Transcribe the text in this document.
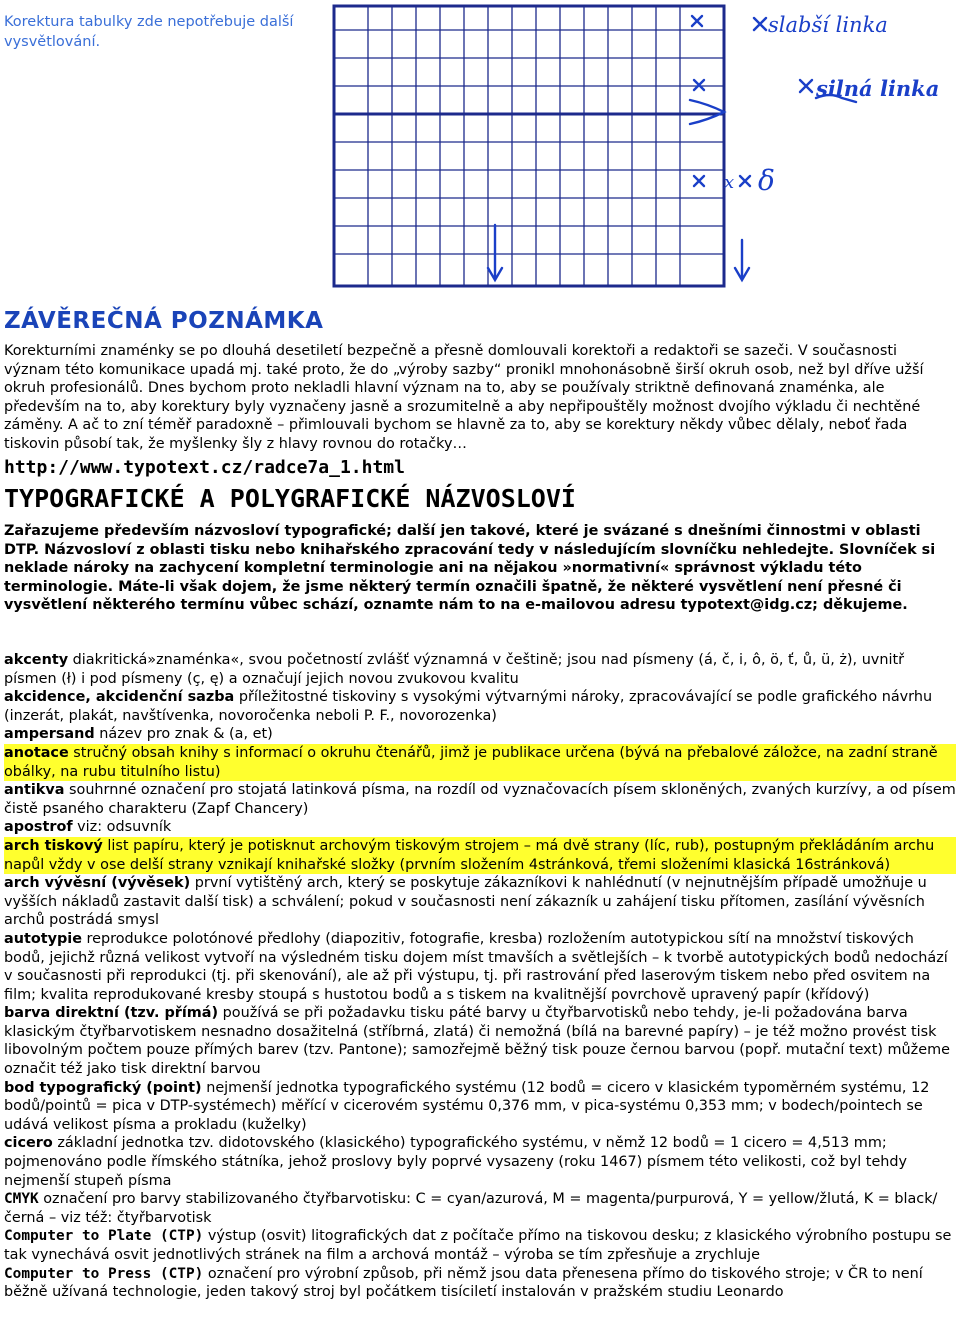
Korektura tabulky zde nepotřebuje další vysvětlování.
slabší linka
silná linka
x δ
ZÁVĚREČNÁ POZNÁMKA

Korekturními znaménky se po dlouhá desetiletí bezpečně a přesně domlouvali korektoři a redaktoři se sazeči. V současnosti význam této komunikace upadá mj. také proto, že do „výroby sazby“ pronikl mnohonásobně širší okruh osob, než byl dříve užší okruh profesionálů. Dnes bychom proto nekladli hlavní význam na to, aby se používaly striktně definovaná znaménka, ale především na to, aby korektury byly vyznačeny jasně a srozumitelně a aby nepřipouštěly možnost dvojího výkladu či nechtěné záměny. A ač to zní téměř paradoxně – přimlouvali bychom se hlavně za to, aby se korektury někdy vůbec dělaly, neboť řada tiskovin působí tak, že myšlenky šly z hlavy rovnou do rotačky…

http://www.typotext.cz/radce7a_1.html
TYPOGRAFICKÉ A POLYGRAFICKÉ NÁZVOSLOVÍ

Zařazujeme především názvosloví typografické; další jen takové, které je svázané s dnešními činnostmi v oblasti DTP. Názvosloví z oblasti tisku nebo knihařského zpracování tedy v následujícím slovníčku nehledejte. Slovníček si neklade nároky na zachycení kompletní terminologie ani na nějakou »normativní« správnost výkladu této terminologie. Máte-li však dojem, že jsme některý termín označili špatně, že některé vysvětlení není přesné či vysvětlení některého termínu vůbec schází, oznamte nám to na e-mailovou adresu typotext@idg.cz; děkujeme.

akcenty diakritická»znaménka«, svou početností zvlášť významná v češtině; jsou nad písmeny (á, č, i, ô, ö, ť, ů, ü, ż), uvnitř písmen (ł) i pod písmeny (ç, ę) a označují jejich novou zvukovou kvalitu

akcidence, akcidenční sazba příležitostné tiskoviny s vysokými výtvarnými nároky, zpracovávající se podle grafického návrhu (inzerát, plakát, navštívenka, novoročenka neboli P. F., novorozenka)

ampersand název pro znak & (a, et)

anotace stručný obsah knihy s informací o okruhu čtenářů, jimž je publikace určena (bývá na přebalové záložce, na zadní straně obálky, na rubu titulního listu)

antikva souhrnné označení pro stojatá latinková písma, na rozdíl od vyznačovacích písem skloněných, zvaných kurzívy, a od písem čistě psaného charakteru (Zapf Chancery)

apostrof viz: odsuvník

arch tiskový list papíru, který je potisknut archovým tiskovým strojem – má dvě strany (líc, rub), postupným překládáním archu napůl vždy v ose delší strany vznikají knihařské složky (prvním složením 4stránková, třemi složeními klasická 16stránková)

arch vývěsní (vývěsek) první vytištěný arch, který se poskytuje zákazníkovi k nahlédnutí (v nejnutnějším případě umožňuje u vyšších nákladů zastavit další tisk) a schválení; pokud v současnosti není zákazník u zahájení tisku přítomen, zasílání vývěsních archů postrádá smysl

autotypie reprodukce polotónové předlohy (diapozitiv, fotografie, kresba) rozložením autotypickou sítí na množství tiskových bodů, jejichž různá velikost vytvoří na výsledném tisku dojem míst tmavších a světlejších – k tvorbě autotypických bodů nedochází v současnosti při reprodukci (tj. při skenování), ale až při výstupu, tj. při rastrování před laserovým tiskem nebo před osvitem na film; kvalita reprodukované kresby stoupá s hustotou bodů a s tiskem na kvalitnější povrchově upravený papír (křídový)

barva direktní (tzv. přímá) používá se při požadavku tisku páté barvy u čtyřbarvotisků nebo tehdy, je-li požadována barva klasickým čtyřbarvotiskem nesnadno dosažitelná (stříbrná, zlatá) či nemožná (bílá na barevné papíry) – je též možno provést tisk libovolným počtem pouze přímých barev (tzv. Pantone); samozřejmě běžný tisk pouze černou barvou (popř. mutační text) můžeme označit též jako tisk direktní barvou

bod typografický (point) nejmenší jednotka typografického systému (12 bodů = cicero v klasickém typoměrném systému, 12 bodů/pointů = pica v DTP-systémech) měřící v cicerovém systému 0,376 mm, v pica-systému 0,353 mm; v bodech/pointech se udává velikost písma a prokladu (kuželky)

cicero základní jednotka tzv. didotovského (klasického) typografického systému, v němž 12 bodů = 1 cicero = 4,513 mm; pojmenováno podle římského státníka, jehož proslovy byly poprvé vysazeny (roku 1467) písmem této velikosti, což byl tehdy nejmenší stupeň písma

CMYK označení pro barvy stabilizovaného čtyřbarvotisku: C = cyan/azurová, M = magenta/purpurová, Y = yellow/žlutá, K = black/černá – viz též: čtyřbarvotisk

Computer to Plate (CTP) výstup (osvit) litografických dat z počítače přímo na tiskovou desku; z klasického výrobního postupu se tak vynechává osvit jednotlivých stránek na film a archová montáž – výroba se tím zpřesňuje a zrychluje

Computer to Press (CTP) označení pro výrobní způsob, při němž jsou data přenesena přímo do tiskového stroje; v ČR to není běžně užívaná technologie, jeden takový stroj byl počátkem tisíciletí instalován v pražském studiu Leonardo
